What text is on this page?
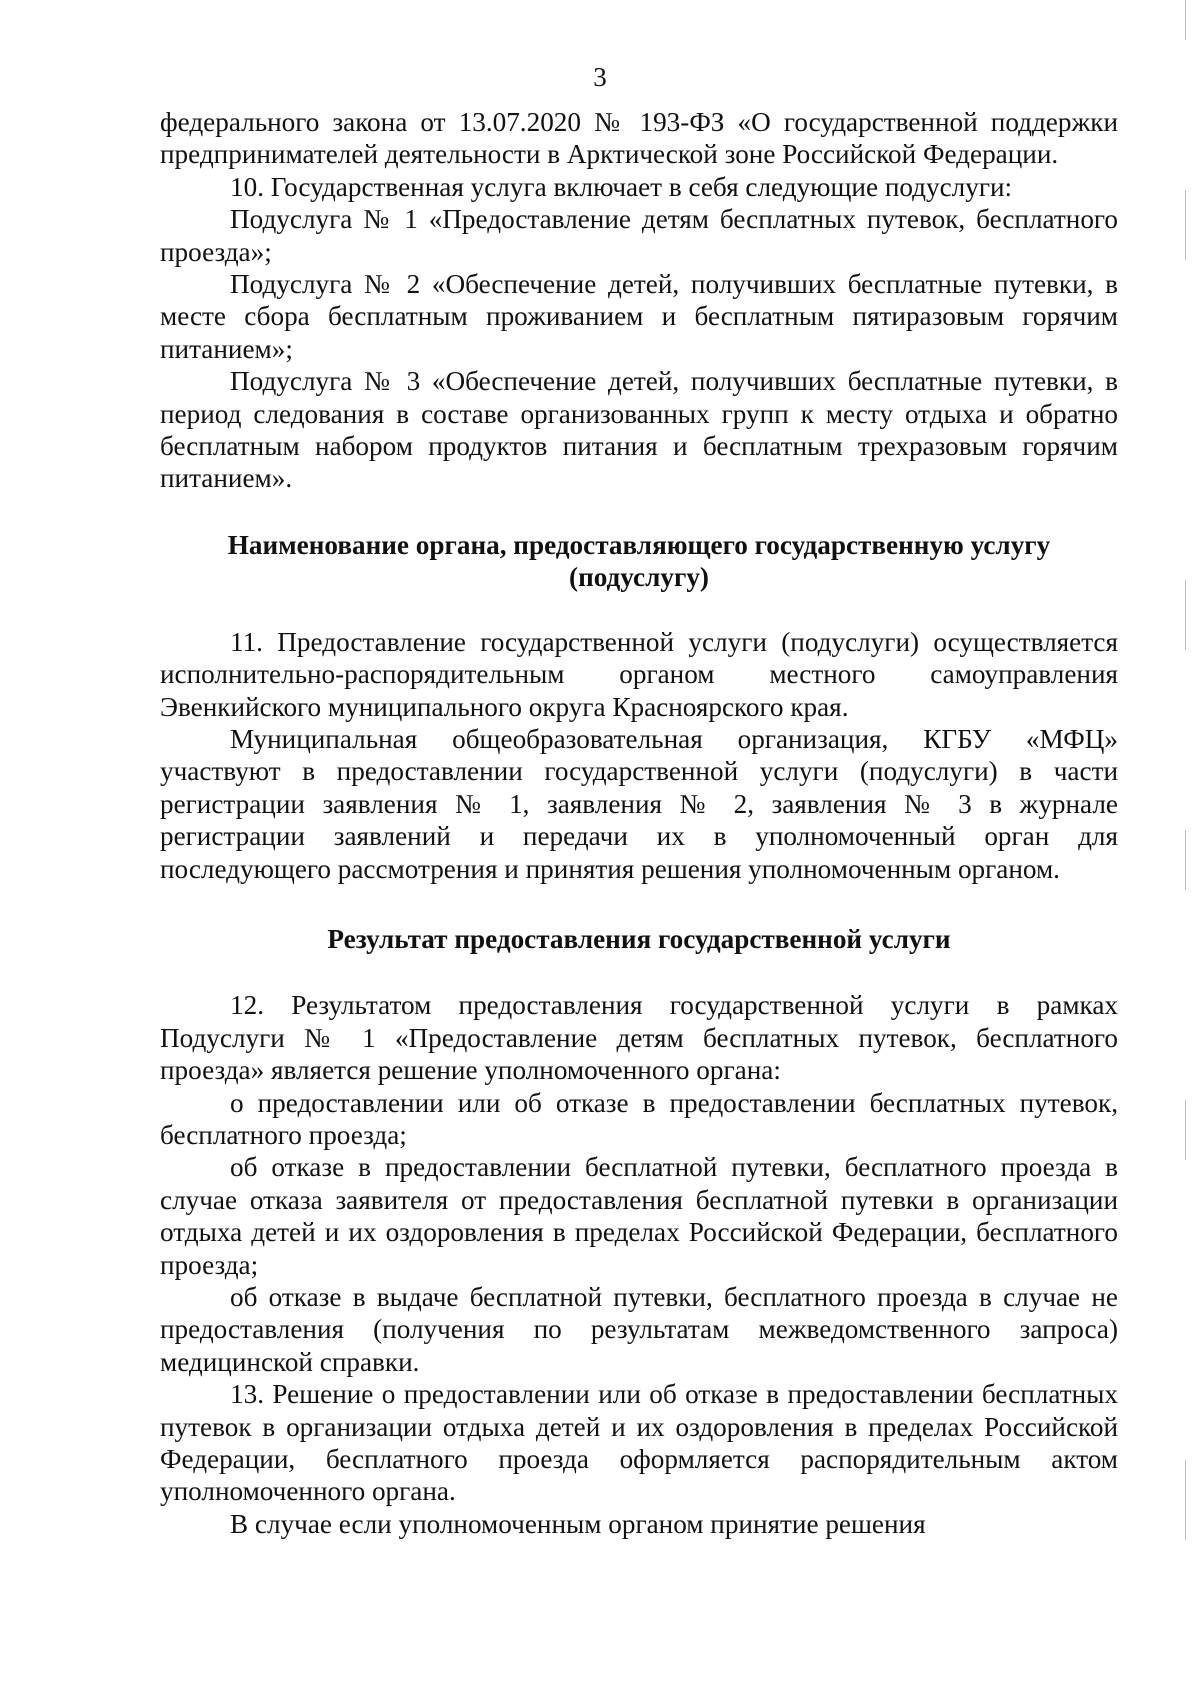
3

федерального закона от 13.07.2020 № 193-ФЗ «О государственной поддержки предпринимателей деятельности в Арктической зоне Российской Федерации.

10. Государственная услуга включает в себя следующие подуслуги:

Подуслуга № 1 «Предоставление детям бесплатных путевок, бесплатного проезда»;

Подуслуга № 2 «Обеспечение детей, получивших бесплатные путевки, в месте сбора бесплатным проживанием и бесплатным пятиразовым горячим питанием»;

Подуслуга № 3 «Обеспечение детей, получивших бесплатные путевки, в период следования в составе организованных групп к месту отдыха и обратно бесплатным набором продуктов питания и бесплатным трехразовым горячим питанием».

Наименование органа, предоставляющего государственную услугу (подуслугу)

11. Предоставление государственной услуги (подуслуги) осуществляется исполнительно-распорядительным органом местного самоуправления Эвенкийского муниципального округа Красноярского края.

Муниципальная общеобразовательная организация, КГБУ «МФЦ» участвуют в предоставлении государственной услуги (подуслуги) в части регистрации заявления № 1, заявления № 2, заявления № 3 в журнале регистрации заявлений и передачи их в уполномоченный орган для последующего рассмотрения и принятия решения уполномоченным органом.

Результат предоставления государственной услуги

12. Результатом предоставления государственной услуги в рамках Подуслуги № 1 «Предоставление детям бесплатных путевок, бесплатного проезда» является решение уполномоченного органа:

о предоставлении или об отказе в предоставлении бесплатных путевок, бесплатного проезда;

об отказе в предоставлении бесплатной путевки, бесплатного проезда в случае отказа заявителя от предоставления бесплатной путевки в организации отдыха детей и их оздоровления в пределах Российской Федерации, бесплатного проезда;

об отказе в выдаче бесплатной путевки, бесплатного проезда в случае не предоставления (получения по результатам межведомственного запроса) медицинской справки.

13. Решение о предоставлении или об отказе в предоставлении бесплатных путевок в организации отдыха детей и их оздоровления в пределах Российской Федерации, бесплатного проезда оформляется распорядительным актом уполномоченного органа.

В случае если уполномоченным органом принятие решения
